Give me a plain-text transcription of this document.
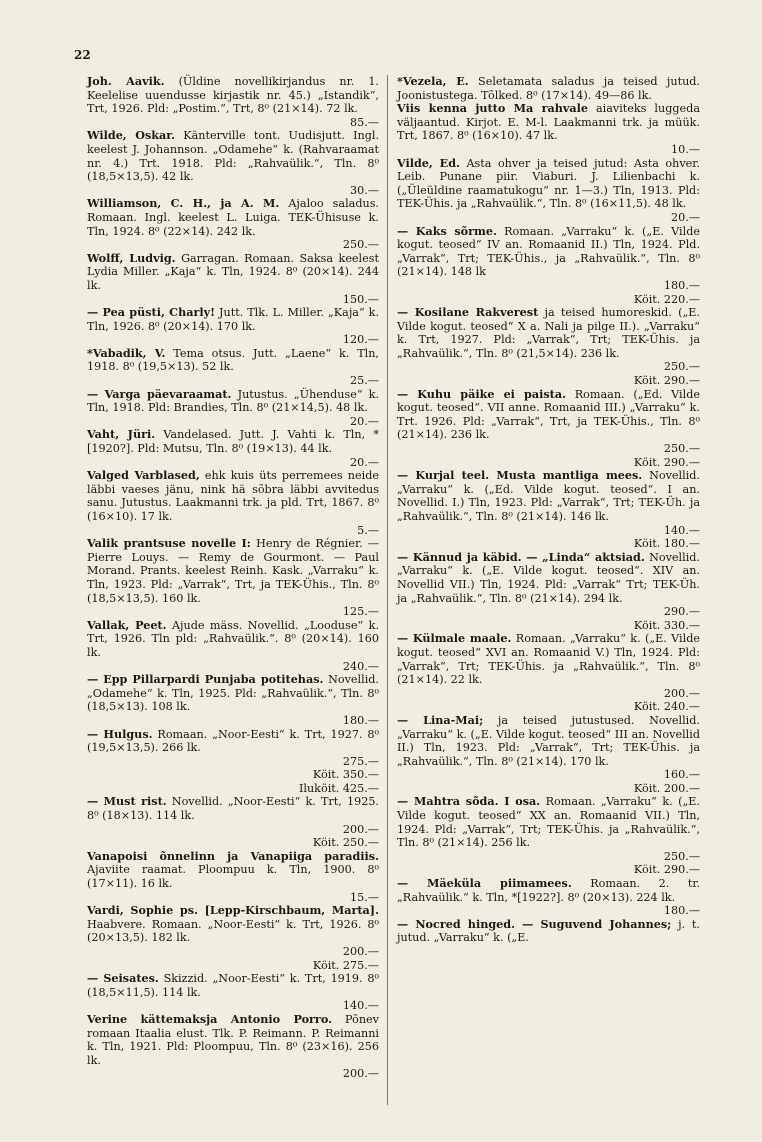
22
Joh. Aavik. (Üldine novellikirjandus nr. 1. Keelelise uuendusse kirjastik nr. 45.) „Istandik“, Trt, 1926. Pld: „Postim.“, Trt, 8⁰ (21×14). 72 lk.
85.—
Wilde, Oskar. Känterville tont. Uudisjutt. Ingl. keelest J. Johannson. „Odamehe“ k. (Rahvaraamat nr. 4.) Trt. 1918. Pld: „Rahvaülik.“, Tln. 8⁰ (18,5×13,5). 42 lk.
30.—
Williamson, C. H., ja A. M. Ajaloo saladus. Romaan. Ingl. keelest L. Luiga. TEK-Ühisuse k. Tln, 1924. 8⁰ (22×14). 242 lk.
250.—
Wolff, Ludvig. Garragan. Romaan. Saksa keelest Lydia Miller. „Kaja“ k. Tln, 1924. 8⁰ (20×14). 244 lk.
150.—
— Pea püsti, Charly! Jutt. Tlk. L. Miller. „Kaja“ k. Tln, 1926. 8⁰ (20×14). 170 lk.
120.—
*Vabadik, V. Tema otsus. Jutt. „Laene“ k. Tln, 1918. 8⁰ (19,5×13). 52 lk.
25.—
— Varga päevaraamat. Jutustus. „Ühenduse“ k. Tln, 1918. Pld: Brandies, Tln. 8⁰ (21×14,5). 48 lk.
20.—
Vaht, Jüri. Vandelased. Jutt. J. Vahti k. Tln, *[1920?]. Pld: Mutsu, Tln. 8⁰ (19×13). 44 lk.
20.—
Valged Varblased, ehk kuis üts perremees neide läbbi vaeses jänu, nink hä sõbra läbbi avvitedus sanu. Jutustus. Laakmanni trk. ja pld. Trt, 1867. 8⁰ (16×10). 17 lk.
5.—
Valik prantsuse novelle I: Henry de Régnier. — Pierre Louys. — Remy de Gourmont. — Paul Morand. Prants. keelest Reinh. Kask. „Varraku“ k. Tln, 1923. Pld: „Varrak“, Trt, ja TEK-Ühis., Tln. 8⁰ (18,5×13,5). 160 lk.
125.—
Vallak, Peet. Ajude mäss. Novellid. „Looduse“ k. Trt, 1926. Tln pld: „Rahvaülik.“. 8⁰ (20×14). 160 lk.
240.—
— Epp Pillarpardi Punjaba potitehas. Novellid. „Odamehe“ k. Tln, 1925. Pld: „Rahvaülik.“, Tln. 8⁰ (18,5×13). 108 lk.
180.—
— Hulgus. Romaan. „Noor-Eesti“ k. Trt, 1927. 8⁰ (19,5×13,5). 266 lk.
275.—
Köit. 350.—
Iluköit. 425.—
— Must rist. Novellid. „Noor-Eesti“ k. Trt, 1925. 8⁰ (18×13). 114 lk.
200.—
Köit. 250.—
Vanapoisi õnnelinn ja Vanapiiga paradiis. Ajaviite raamat. Ploompuu k. Tln, 1900. 8⁰ (17×11). 16 lk.
15.—
Vardi, Sophie ps. [Lepp-Kirschbaum, Marta]. Haabvere. Romaan. „Noor-Eesti“ k. Trt, 1926. 8⁰ (20×13,5). 182 lk.
200.—
Köit. 275.—
— Seisates. Skizzid. „Noor-Eesti“ k. Trt, 1919. 8⁰ (18,5×11,5). 114 lk.
140.—
Verine kättemaksja Antonio Porro. Põnev romaan Itaalia elust. Tlk. P. Reimann. P. Reimanni k. Tln, 1921. Pld: Ploompuu, Tln. 8⁰ (23×16). 256 lk.
200.—
*Vezela, E. Seletamata saladus ja teised jutud. Joonistustega. Tõlked. 8⁰ (17×14). 49—86 lk.
Viis kenna jutto Ma rahvale aiaviteks luggeda väljaantud. Kirjot. E. M-l. Laakmanni trk. ja müük. Trt, 1867. 8⁰ (16×10). 47 lk.
10.—
Vilde, Ed. Asta ohver ja teised jutud: Asta ohver. Leib. Punane piir. Viaburi. J. Lilienbachi k. („Üleüldine raamatukogu“ nr. 1—3.) Tln, 1913. Pld: TEK-Ühis. ja „Rahvaülik.“, Tln. 8⁰ (16×11,5). 48 lk.
20.—
— Kaks sõrme. Romaan. „Varraku“ k. („E. Vilde kogut. teosed“ IV an. Romaanid II.) Tln, 1924. Pld. „Varrak“, Trt; TEK-Ühis., ja „Rahvaülik.“, Tln. 8⁰ (21×14). 148 lk
180.—
Köit. 220.—
— Kosilane Rakverest ja teised humoreskid. („E. Vilde kogut. teosed“ X a. Nali ja pilge II.). „Varraku“ k. Trt, 1927. Pld: „Varrak“, Trt; TEK-Ühis. ja „Rahvaülik.“, Tln. 8⁰ (21,5×14). 236 lk.
250.—
Köit. 290.—
— Kuhu päike ei paista. Romaan. („Ed. Vilde kogut. teosed“. VII anne. Romaanid III.) „Varraku“ k. Trt. 1926. Pld: „Varrak“, Trt, ja TEK-Ühis., Tln. 8⁰ (21×14). 236 lk.
250.—
Köit. 290.—
— Kurjal teel. Musta mantliga mees. Novellid. „Varraku“ k. („Ed. Vilde kogut. teosed“. I an. Novellid. I.) Tln, 1923. Pld: „Varrak“, Trt; TEK-Üh. ja „Rahvaülik.“, Tln. 8⁰ (21×14). 146 lk.
140.—
Köit. 180.—
— Kännud ja käbid. — „Linda“ aktsiad. Novellid. „Varraku“ k. („E. Vilde kogut. teosed“. XIV an. Novellid VII.) Tln, 1924. Pld: „Varrak“ Trt; TEK-Üh. ja „Rahvaülik.“, Tln. 8⁰ (21×14). 294 lk.
290.—
Köit. 330.—
— Külmale maale. Romaan. „Varraku“ k. („E. Vilde kogut. teosed“ XVI an. Romaanid V.) Tln, 1924. Pld: „Varrak“, Trt; TEK-Ühis. ja „Rahvaülik.“, Tln. 8⁰ (21×14). 22 lk.
200.—
Köit. 240.—
— Lina-Mai; ja teised jutustused. Novellid. „Varraku“ k. („E. Vilde kogut. teosed“ III an. Novellid II.) Tln, 1923. Pld: „Varrak“, Trt; TEK-Ühis. ja „Rahvaülik.“, Tln. 8⁰ (21×14). 170 lk.
160.—
Köit. 200.—
— Mahtra sõda. I osa. Romaan. „Varraku“ k. („E. Vilde kogut. teosed“ XX an. Romaanid VII.) Tln, 1924. Pld: „Varrak“, Trt; TEK-Ühis. ja „Rahvaülik.“, Tln. 8⁰ (21×14). 256 lk.
250.—
Köit. 290.—
— Mäeküla piimamees. Romaan. 2. tr. „Rahvaülik.“ k. Tln, *[1922?]. 8⁰ (20×13). 224 lk.
180.—
— Nocred hinged. — Suguvend Johannes; j. t. jutud. „Varraku“ k. („E.
